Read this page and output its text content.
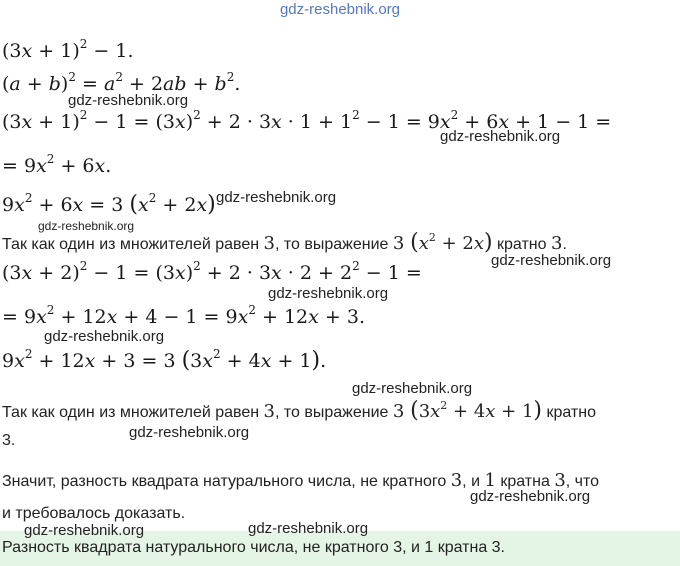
gdz-reshebnik.org
$(3x + 1)^2 - 1$.
$(a + b)^2 = a^2 + 2ab + b^2$.
$(3x + 1)^2 - 1 = (3x)^2 + 2 \cdot 3x \cdot 1 + 1^2 - 1 = 9x^2 + 6x + 1 - 1$ =
= $9x^2 + 6x$.
$9x^2 + 6x = 3$ $(x^2 + 2x)$
Так как один из множителей равен 3, то выражение 3 $(x^2 + 2x)$ кратно 3.
$(3x + 2)^2 - 1 = (3x)^2 + 2 \cdot 3x \cdot 2 + 2^2 - 1$ =
= $9x^2 + 12x + 4 - 1 = 9x^2 + 12x + 3$.
$9x^2 + 12x + 3 = 3$ $(3x^2 + 4x + 1)$.
Так как один из множителей равен 3, то выражение 3 $(3x^2 + 4x + 1)$ кратно
3.
Значит, разность квадрата натурального числа, не кратного 3, и 1 кратна 3, что
и требовалось доказать.
Разность квадрата натурального числа, не кратного 3, и 1 кратна 3.
gdz-reshebnik.org
gdz-reshebnik.org
gdz-reshebnik.org
gdz-reshebnik.org
gdz-reshebnik.org
gdz-reshebnik.org
gdz-reshebnik.org
gdz-reshebnik.org
gdz-reshebnik.org
gdz-reshebnik.org
gdz-reshebnik.org	gdz-reshebnik.org
